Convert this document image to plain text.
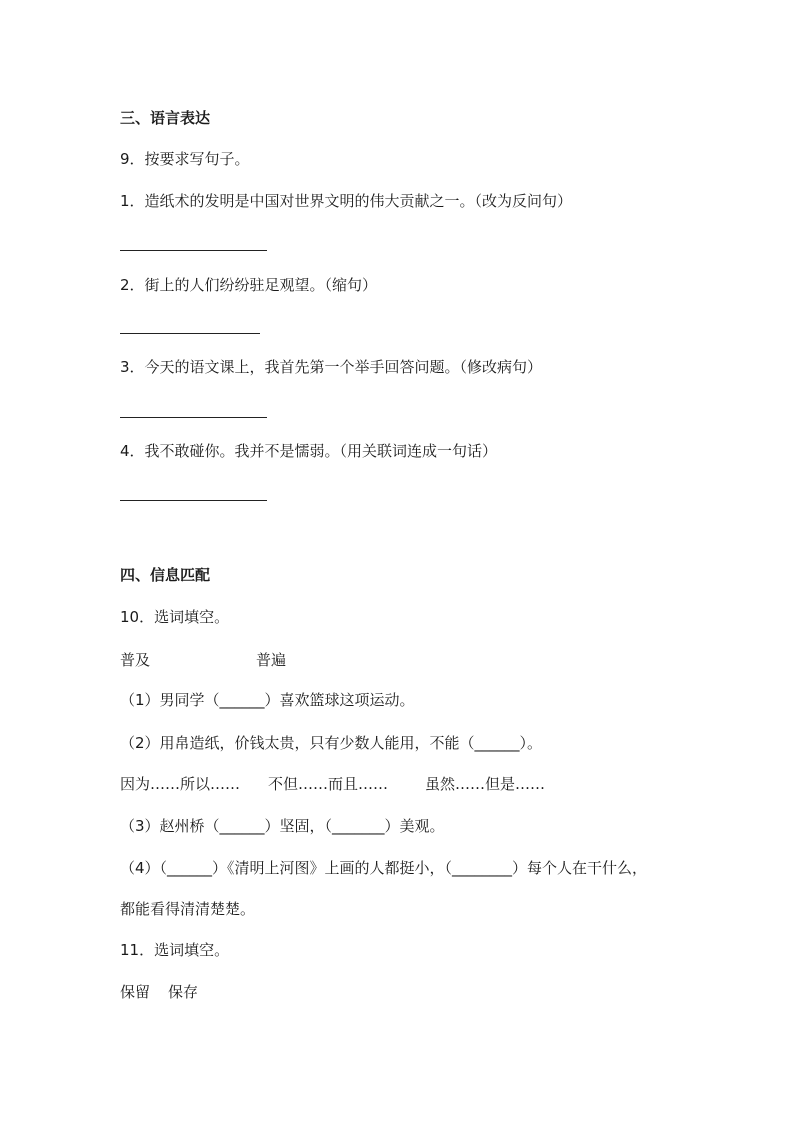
三、语言表达
9．按要求写句子。
1．造纸术的发明是中国对世界文明的伟大贡献之一。（改为反问句）
2．街上的人们纷纷驻足观望。（缩句）
3．今天的语文课上，我首先第一个举手回答问题。（修改病句）
4．我不敢碰你。我并不是懦弱。（用关联词连成一句话）
四、信息匹配
10．选词填空。
普及	普遍
（1）男同学（______）喜欢篮球这项运动。
（2）用帛造纸，价钱太贵，只有少数人能用，不能（______）。
因为……所以…… 不但……而且…… 虽然……但是……
（3）赵州桥（______）坚固，（_______）美观。
（4）（______）《清明上河图》上画的人都挺小，（________）每个人在干什么，
都能看得清清楚楚。
11．选词填空。
保留 保存
